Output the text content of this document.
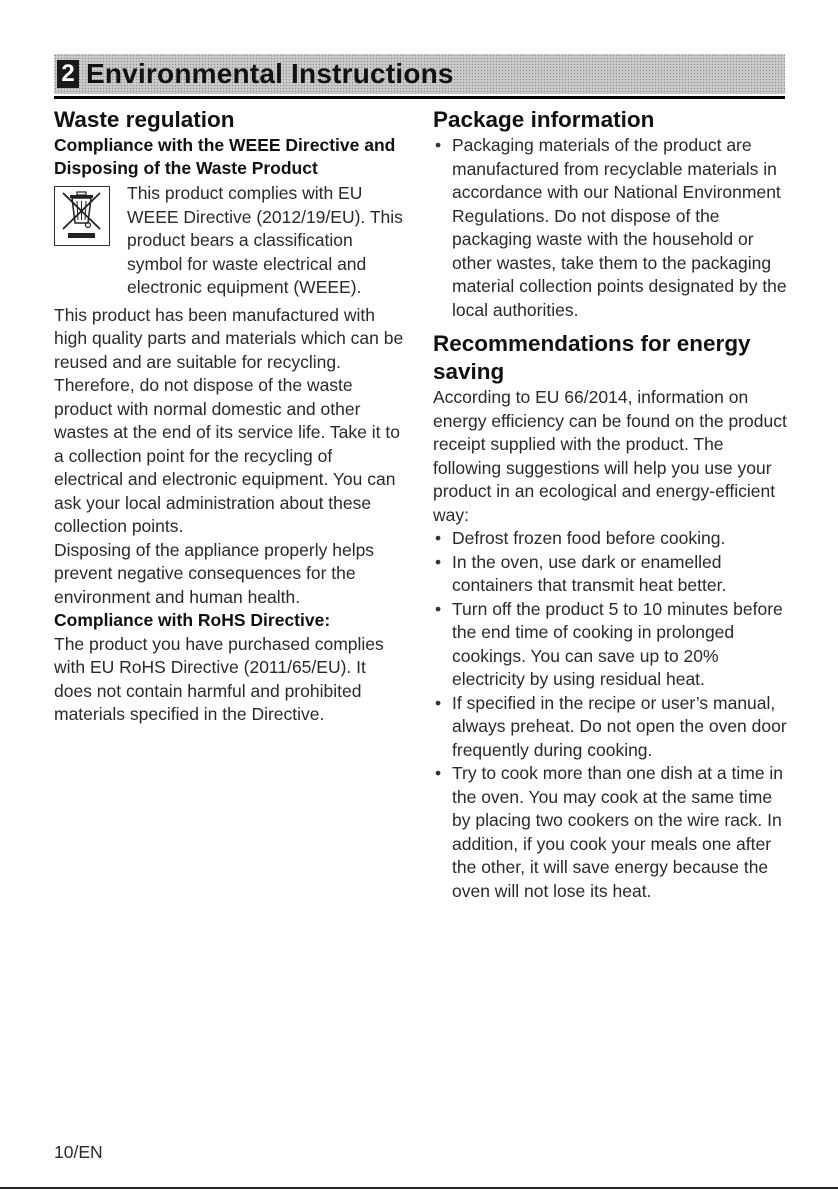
2 Environmental Instructions
Waste regulation
Compliance with the WEEE Directive and Disposing of the Waste Product

This product complies with EU WEEE Directive (2012/19/EU). This product bears a classification symbol for waste electrical and electronic equipment (WEEE).

This product has been manufactured with high quality parts and materials which can be reused and are suitable for recycling. Therefore, do not dispose of the waste product with normal domestic and other wastes at the end of its service life. Take it to a collection point for the recycling of electrical and electronic equipment. You can ask your local administration about these collection points.

Disposing of the appliance properly helps prevent negative consequences for the environment and human health.

Compliance with RoHS Directive:

The product you have purchased complies with EU RoHS Directive (2011/65/EU). It does not contain harmful and prohibited materials specified in the Directive.

Package information
• Packaging materials of the product are manufactured from recyclable materials in accordance with our National Environment Regulations. Do not dispose of the packaging waste with the household or other wastes, take them to the packaging material collection points designated by the local authorities.
Recommendations for energy saving

According to EU 66/2014, information on energy efficiency can be found on the product receipt supplied with the product. The following suggestions will help you use your product in an ecological and energy-efficient way:

• Defrost frozen food before cooking.
• In the oven, use dark or enamelled containers that transmit heat better.
• Turn off the product 5 to 10 minutes before the end time of cooking in prolonged cookings. You can save up to 20% electricity by using residual heat.
• If specified in the recipe or user’s manual, always preheat. Do not open the oven door frequently during cooking.
• Try to cook more than one dish at a time in the oven. You may cook at the same time by placing two cookers on the wire rack. In addition, if you cook your meals one after the other, it will save energy because the oven will not lose its heat.
10/EN
